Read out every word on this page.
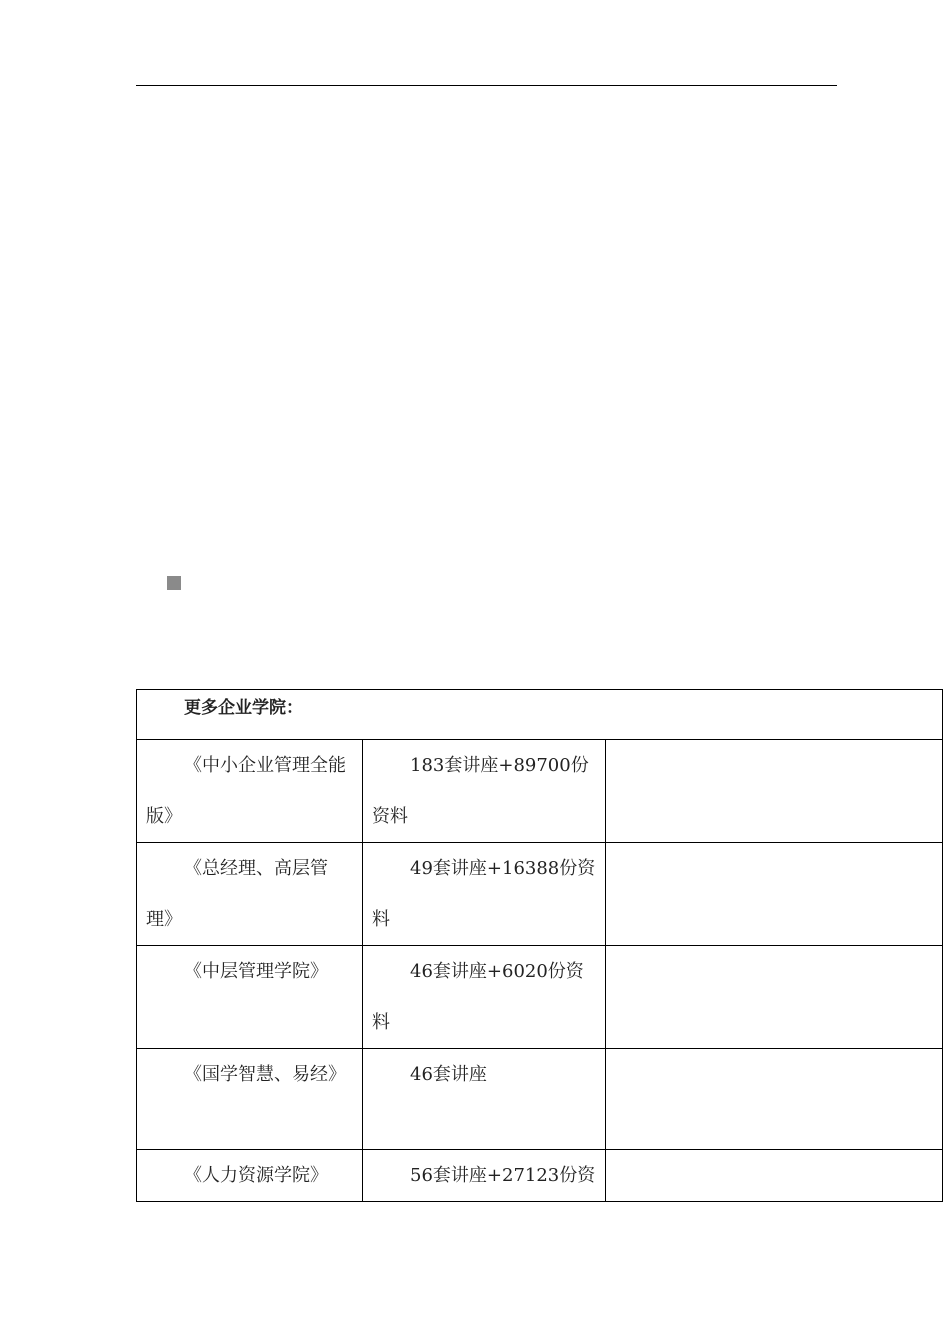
更多企业学院：		

《中小企业管理全能版》	183套讲座+89700份资料	

《总经理、高层管理》	49套讲座+16388份资料	

《中层管理学院》	46套讲座+6020份资料	

《国学智慧、易经》	46套讲座	

《人力资源学院》	56套讲座+27123份资	
